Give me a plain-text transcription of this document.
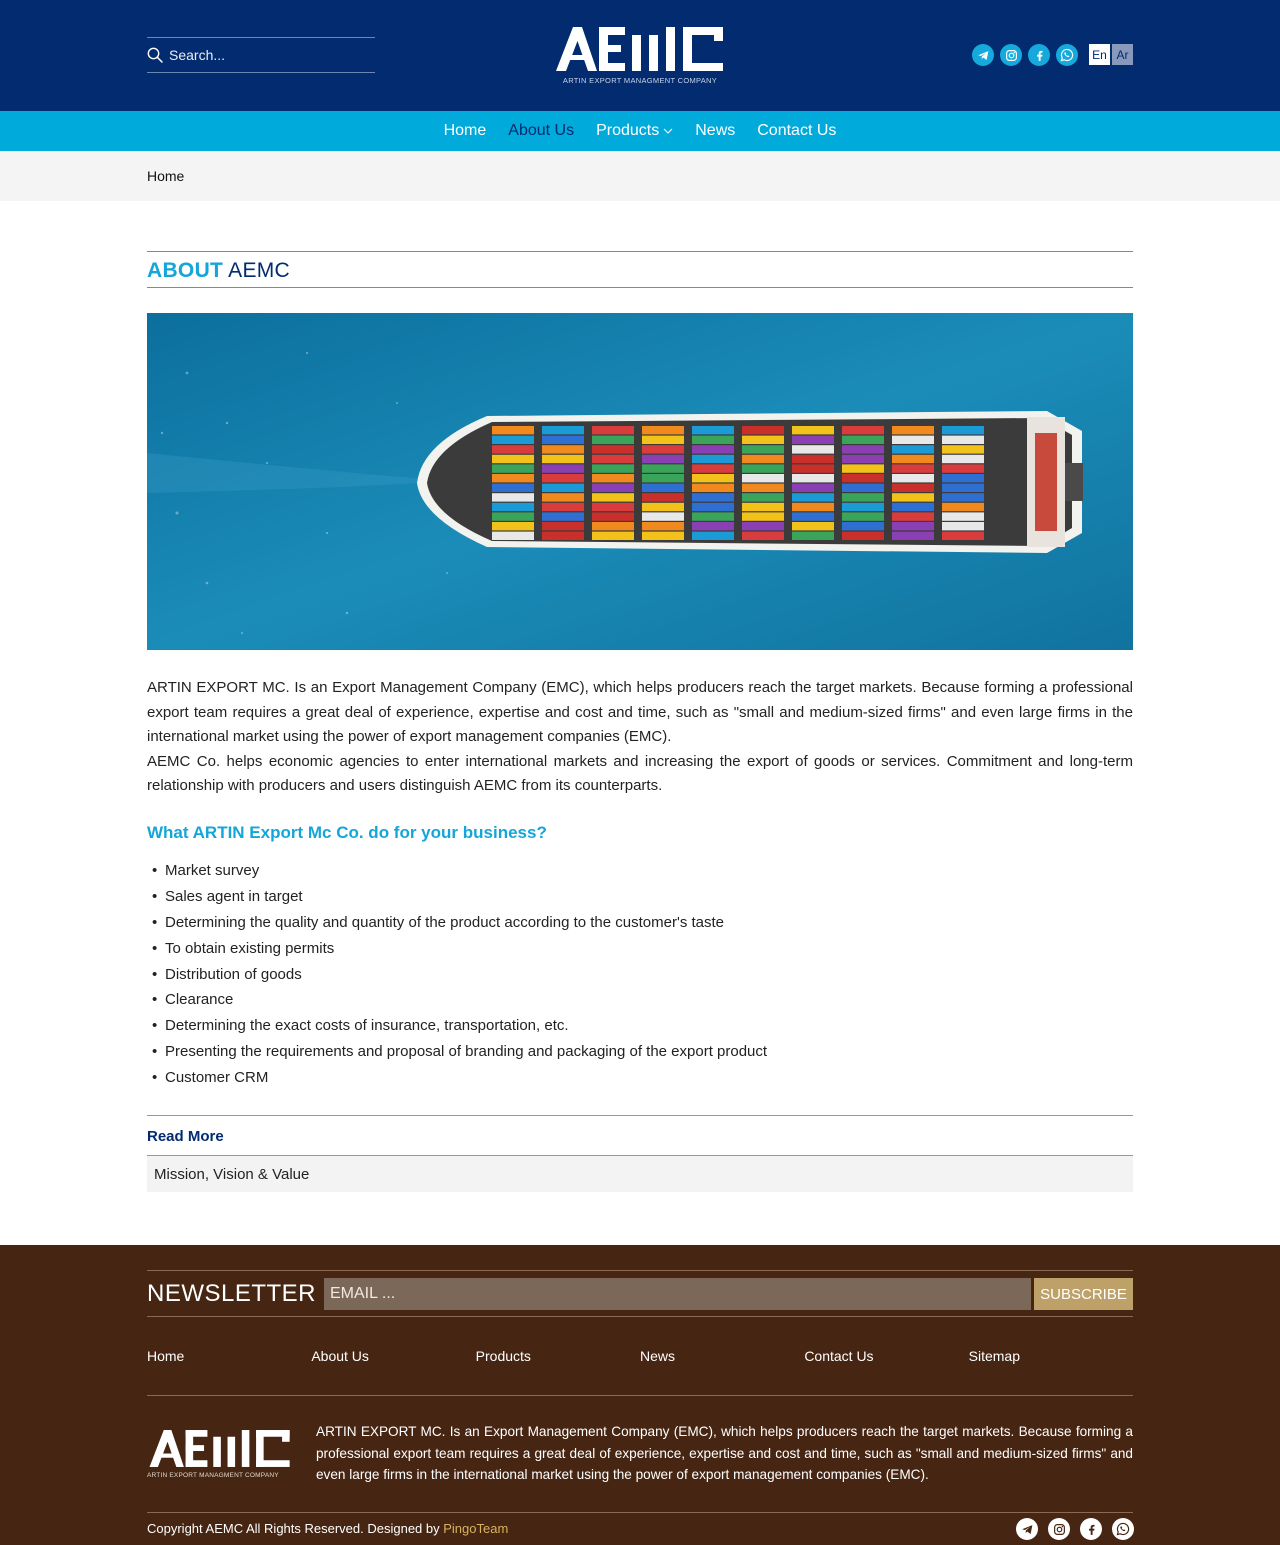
Search...
ARTIN EXPORT MANAGMENT COMPANY
En Ar
Home About Us Products News Contact Us
Home
ABOUT AEMC

ARTIN EXPORT MC. Is an Export Management Company (EMC), which helps producers reach the target markets. Because forming a professional export team requires a great deal of experience, expertise and cost and time, such as "small and medium-sized firms" and even large firms in the international market using the power of export management companies (EMC).

AEMC Co. helps economic agencies to enter international markets and increasing the export of goods or services. Commitment and long-term relationship with producers and users distinguish AEMC from its counterparts.

What ARTIN Export Mc Co. do for your business?
• Market survey
• Sales agent in target
• Determining the quality and quantity of the product according to the customer's taste
• To obtain existing permits
• Distribution of goods
• Clearance
• Determining the exact costs of insurance, transportation, etc.
• Presenting the requirements and proposal of branding and packaging of the export product
• Customer CRM
Read More
Mission, Vision & Value
NEWSLETTER
EMAIL ...	SUBSCRIBE
Home	About Us	Products	News	Contact Us	Sitemap
ARTIN EXPORT MANAGMENT COMPANY

ARTIN EXPORT MC. Is an Export Management Company (EMC), which helps producers reach the target markets. Because forming a professional export team requires a great deal of experience, expertise and cost and time, such as "small and medium-sized firms" and even large firms in the international market using the power of export management companies (EMC).

Copyright AEMC All Rights Reserved. Designed by PingoTeam
